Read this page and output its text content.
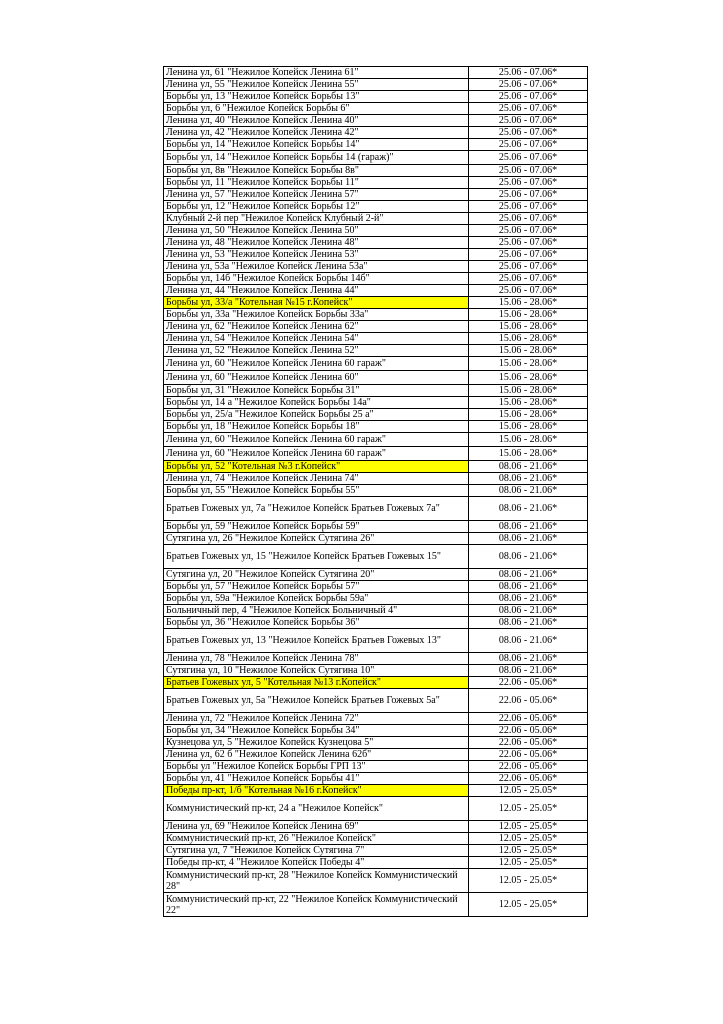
Ленина ул, 61 "Нежилое Копейск Ленина 61"	25.06 - 07.06*
Ленина ул, 55 "Нежилое Копейск Ленина 55"	25.06 - 07.06*
Борьбы ул, 13 "Нежилое Копейск Борьбы 13"	25.06 - 07.06*
Борьбы ул, 6 "Нежилое Копейск Борьбы 6"	25.06 - 07.06*
Ленина ул, 40 "Нежилое Копейск Ленина 40"	25.06 - 07.06*
Ленина ул, 42 "Нежилое Копейск Ленина 42"	25.06 - 07.06*
Борьбы ул, 14 "Нежилое Копейск Борьбы 14"	25.06 - 07.06*
Борьбы ул, 14 "Нежилое Копейск Борьбы 14 (гараж)"	25.06 - 07.06*
Борьбы ул, 8в "Нежилое Копейск Борьбы 8в"	25.06 - 07.06*
Борьбы ул, 11 "Нежилое Копейск Борьбы 11"	25.06 - 07.06*
Ленина ул, 57 "Нежилое Копейск Ленина 57"	25.06 - 07.06*
Борьбы ул, 12 "Нежилое Копейск Борьбы 12"	25.06 - 07.06*
Клубный 2-й пер "Нежилое Копейск Клубный 2-й"	25.06 - 07.06*
Ленина ул, 50 "Нежилое Копейск Ленина 50"	25.06 - 07.06*
Ленина ул, 48 "Нежилое Копейск Ленина 48"	25.06 - 07.06*
Ленина ул, 53 "Нежилое Копейск Ленина 53"	25.06 - 07.06*
Ленина ул, 53а "Нежилое Копейск Ленина 53а"	25.06 - 07.06*
Борьбы ул, 14б "Нежилое Копейск Борьбы 14б"	25.06 - 07.06*
Ленина ул, 44 "Нежилое Копейск Ленина 44"	25.06 - 07.06*
Борьбы ул, 33/а "Котельная №15 г.Копейск"	15.06 - 28.06*
Борьбы ул, 33а "Нежилое Копейск Борьбы 33а"	15.06 - 28.06*
Ленина ул, 62 "Нежилое Копейск Ленина 62"	15.06 - 28.06*
Ленина ул, 54 "Нежилое Копейск Ленина 54"	15.06 - 28.06*
Ленина ул, 52 "Нежилое Копейск Ленина 52"	15.06 - 28.06*
Ленина ул, 60 "Нежилое Копейск Ленина 60 гараж"	15.06 - 28.06*
Ленина ул, 60 "Нежилое Копейск Ленина 60"	15.06 - 28.06*
Борьбы ул, 31 "Нежилое Копейск Борьбы 31"	15.06 - 28.06*
Борьбы ул, 14 а "Нежилое Копейск Борьбы 14а"	15.06 - 28.06*
Борьбы ул, 25/а "Нежилое Копейск Борьбы 25 а"	15.06 - 28.06*
Борьбы ул, 18 "Нежилое Копейск Борьбы 18"	15.06 - 28.06*
Ленина ул, 60 "Нежилое Копейск Ленина 60 гараж"	15.06 - 28.06*
Ленина ул, 60 "Нежилое Копейск Ленина 60 гараж"	15.06 - 28.06*
Борьбы ул, 52 "Котельная №3 г.Копейск"	08.06 - 21.06*
Ленина ул, 74 "Нежилое Копейск Ленина 74"	08.06 - 21.06*
Борьбы ул, 55 "Нежилое Копейск Борьбы 55"	08.06 - 21.06*
Братьев Гожевых ул, 7а "Нежилое Копейск Братьев Гожевых 7а"	08.06 - 21.06*
Борьбы ул, 59 "Нежилое Копейск Борьбы 59"	08.06 - 21.06*
Сутягина ул, 26 "Нежилое Копейск Сутягина 26"	08.06 - 21.06*
Братьев Гожевых ул, 15 "Нежилое Копейск Братьев Гожевых 15"	08.06 - 21.06*
Сутягина ул, 20 "Нежилое Копейск Сутягина 20"	08.06 - 21.06*
Борьбы ул, 57 "Нежилое Копейск Борьбы 57"	08.06 - 21.06*
Борьбы ул, 59а "Нежилое Копейск Борьбы 59а"	08.06 - 21.06*
Больничный пер, 4 "Нежилое Копейск Больничный 4"	08.06 - 21.06*
Борьбы ул, 36 "Нежилое Копейск Борьбы 36"	08.06 - 21.06*
Братьев Гожевых ул, 13 "Нежилое Копейск Братьев Гожевых 13"	08.06 - 21.06*
Ленина ул, 78 "Нежилое Копейск Ленина 78"	08.06 - 21.06*
Сутягина ул, 10 "Нежилое Копейск Сутягина 10"	08.06 - 21.06*
Братьев Гожевых ул, 5 "Котельная №13 г.Копейск"	22.06 - 05.06*
Братьев Гожевых ул, 5а "Нежилое Копейск Братьев Гожевых 5а"	22.06 - 05.06*
Ленина ул, 72 "Нежилое Копейск Ленина 72"	22.06 - 05.06*
Борьбы ул, 34 "Нежилое Копейск Борьбы 34"	22.06 - 05.06*
Кузнецова ул, 5 "Нежилое Копейск Кузнецова 5"	22.06 - 05.06*
Ленина ул, 62 б "Нежилое Копейск Ленина 62б"	22.06 - 05.06*
Борьбы ул "Нежилое Копейск Борьбы ГРП 13"	22.06 - 05.06*
Борьбы ул, 41 "Нежилое Копейск Борьбы 41"	22.06 - 05.06*
Победы пр-кт, 1/б "Котельная №16 г.Копейск"	12.05 - 25.05*
Коммунистический пр-кт, 24 а "Нежилое Копейск"	12.05 - 25.05*
Ленина ул, 69 "Нежилое Копейск Ленина 69"	12.05 - 25.05*
Коммунистический пр-кт, 26 "Нежилое Копейск"	12.05 - 25.05*
Сутягина ул, 7 "Нежилое Копейск Сутягина 7"	12.05 - 25.05*
Победы пр-кт, 4 "Нежилое Копейск Победы 4"	12.05 - 25.05*
Коммунистический пр-кт, 28 "Нежилое Копейск Коммунистический 28"	12.05 - 25.05*
Коммунистический пр-кт, 22 "Нежилое Копейск Коммунистический 22"	12.05 - 25.05*
